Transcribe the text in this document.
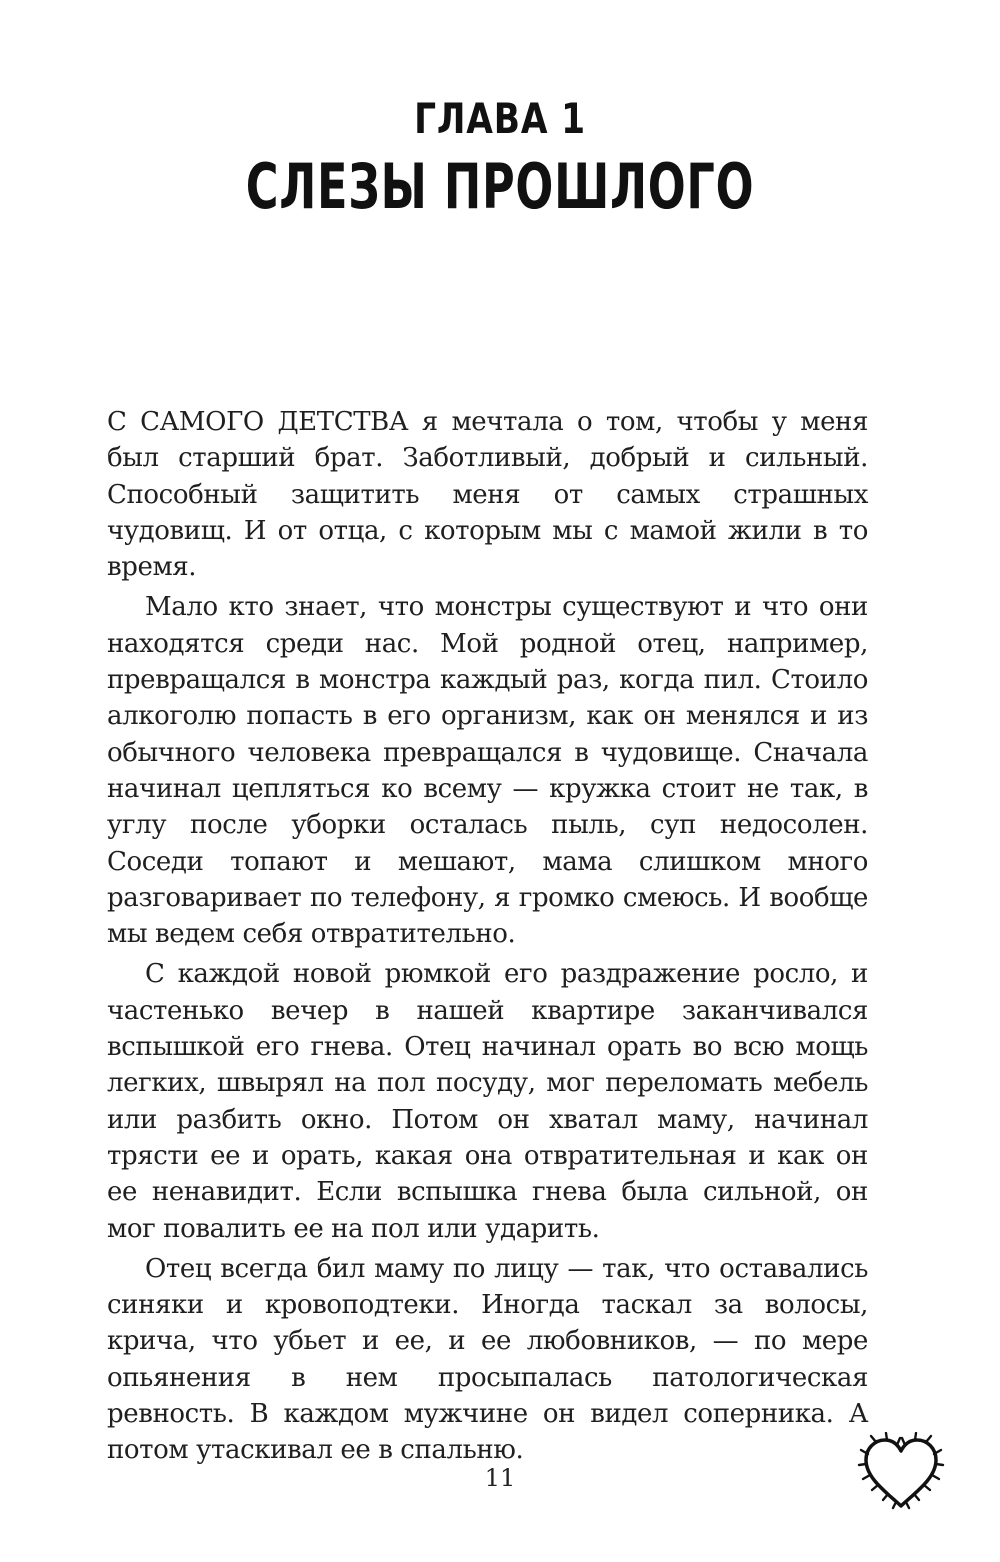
ГЛАВА 1
СЛЕЗЫ ПРОШЛОГО

С САМОГО ДЕТСТВА я мечтала о том, чтобы у меня был старший брат. Заботливый, добрый и сильный. Способный защитить меня от самых страшных чудовищ. И от отца, с которым мы с мамой жили в то время.

Мало кто знает, что монстры существуют и что они находятся среди нас. Мой родной отец, например, превращался в монстра каждый раз, когда пил. Стоило алкоголю попасть в его организм, как он менялся и из обычного человека превращался в чудовище. Сначала начинал цепляться ко всему — кружка стоит не так, в углу после уборки осталась пыль, суп недосолен. Соседи топают и мешают, мама слишком много разговаривает по телефону, я громко смеюсь. И вообще мы ведем себя отвратительно.

С каждой новой рюмкой его раздражение росло, и частенько вечер в нашей квартире заканчивался вспышкой его гнева. Отец начинал орать во всю мощь легких, швырял на пол посуду, мог переломать мебель или разбить окно. Потом он хватал маму, начинал трясти ее и орать, какая она отвратительная и как он ее ненавидит. Если вспышка гнева была сильной, он мог повалить ее на пол или ударить.

Отец всегда бил маму по лицу — так, что оставались синяки и кровоподтеки. Иногда таскал за волосы, крича, что убьет и ее, и ее любовников, — по мере опьянения в нем просыпалась патологическая ревность. В каждом мужчине он видел соперника. А потом утаскивал ее в спальню.

11
